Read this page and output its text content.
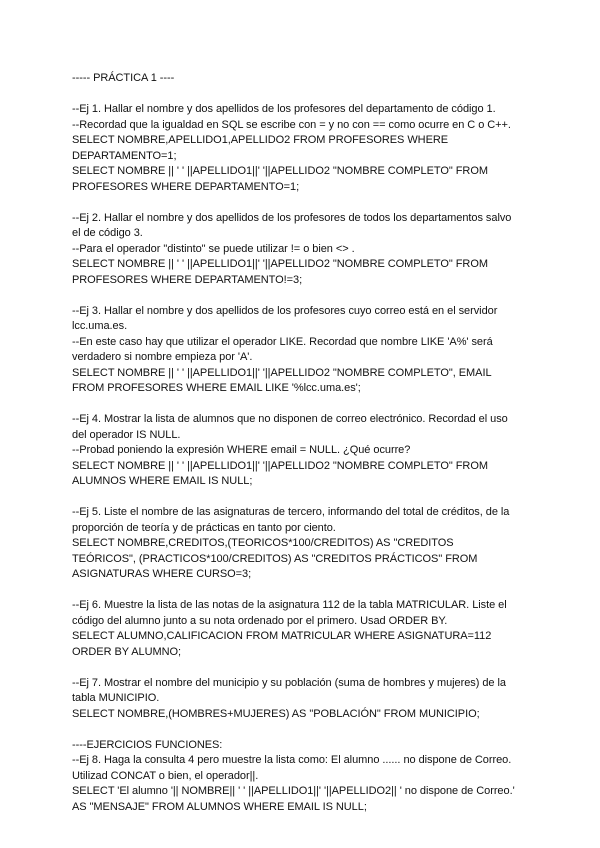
----- PRÁCTICA 1 ----

--Ej 1. Hallar el nombre y dos apellidos de los profesores del departamento de código 1.

--Recordad que la igualdad en SQL se escribe con = y no con == como ocurre en C o C++.

SELECT NOMBRE,APELLIDO1,APELLIDO2 FROM PROFESORES WHERE

DEPARTAMENTO=1;

SELECT NOMBRE || ' ' ||APELLIDO1||' '||APELLIDO2 "NOMBRE COMPLETO" FROM

PROFESORES WHERE DEPARTAMENTO=1;

--Ej 2. Hallar el nombre y dos apellidos de los profesores de todos los departamentos salvo

el de código 3.

--Para el operador "distinto" se puede utilizar != o bien <> .

SELECT NOMBRE || ' ' ||APELLIDO1||' '||APELLIDO2 "NOMBRE COMPLETO" FROM

PROFESORES WHERE DEPARTAMENTO!=3;

--Ej 3. Hallar el nombre y dos apellidos de los profesores cuyo correo está en el servidor

lcc.uma.es.

--En este caso hay que utilizar el operador LIKE. Recordad que nombre LIKE 'A%' será

verdadero si nombre empieza por 'A'.

SELECT NOMBRE || ' ' ||APELLIDO1||' '||APELLIDO2 "NOMBRE COMPLETO", EMAIL

FROM PROFESORES WHERE EMAIL LIKE '%lcc.uma.es';

--Ej 4. Mostrar la lista de alumnos que no disponen de correo electrónico. Recordad el uso

del operador IS NULL.

--Probad poniendo la expresión WHERE email = NULL. ¿Qué ocurre?

SELECT NOMBRE || ' ' ||APELLIDO1||' '||APELLIDO2 "NOMBRE COMPLETO" FROM

ALUMNOS WHERE EMAIL IS NULL;

--Ej 5. Liste el nombre de las asignaturas de tercero, informando del total de créditos, de la

proporción de teoría y de prácticas en tanto por ciento.

SELECT NOMBRE,CREDITOS,(TEORICOS*100/CREDITOS) AS "CREDITOS

TEÓRICOS", (PRACTICOS*100/CREDITOS) AS "CREDITOS PRÁCTICOS" FROM

ASIGNATURAS WHERE CURSO=3;

--Ej 6. Muestre la lista de las notas de la asignatura 112 de la tabla MATRICULAR. Liste el

código del alumno junto a su nota ordenado por el primero. Usad ORDER BY.

SELECT ALUMNO,CALIFICACION FROM MATRICULAR WHERE ASIGNATURA=112

ORDER BY ALUMNO;

--Ej 7. Mostrar el nombre del municipio y su población (suma de hombres y mujeres) de la

tabla MUNICIPIO.

SELECT NOMBRE,(HOMBRES+MUJERES) AS "POBLACIÓN" FROM MUNICIPIO;

----EJERCICIOS FUNCIONES:

--Ej 8. Haga la consulta 4 pero muestre la lista como: El alumno ...... no dispone de Correo.

Utilizad CONCAT o bien, el operador||.

SELECT 'El alumno '|| NOMBRE|| ' ' ||APELLIDO1||' '||APELLIDO2|| ' no dispone de Correo.'

AS "MENSAJE" FROM ALUMNOS WHERE EMAIL IS NULL;
